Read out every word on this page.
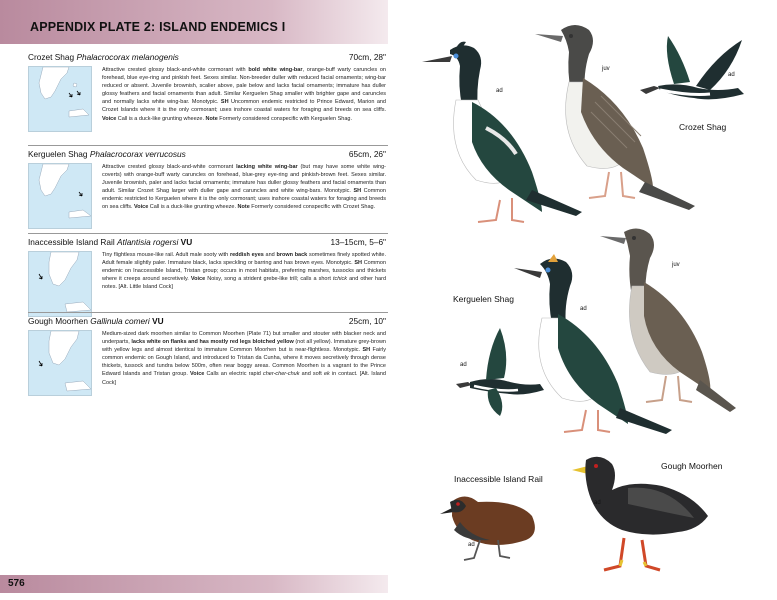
APPENDIX PLATE 2: ISLAND ENDEMICS I
Crozet Shag Phalacrocorax melanogenis	70cm, 28"
Attractive crested glossy black-and-white cormorant with bold white wing-bar, orange-buff warty caruncles on forehead, blue eye-ring and pinkish feet. Sexes similar. Non-breeder duller with reduced facial ornaments; wing-bar reduced or absent. Juvenile brownish, scalier above, pale below and lacks facial ornaments; immature has duller glossy feathers and facial ornaments than adult. Similar Kerguelen Shag smaller with brighter gape and caruncles and normally lacks white wing-bar. Monotypic. SH Uncommon endemic restricted to Prince Edward, Marion and Crozet Islands where it is the only cormorant; uses inshore coastal waters for foraging and breeds on sea cliffs. Voice Call is a duck-like grunting wheeze. Note Formerly considered conspecific with Kerguelen Shag.
Kerguelen Shag Phalacrocorax verrucosus	65cm, 26"
Attractive crested glossy black-and-white cormorant lacking white wing-bar (but may have some white wing-coverts) with orange-buff warty caruncles on forehead, blue-grey eye-ring and pinkish-brown feet. Sexes similar. Juvenile brownish, paler and lacks facial ornaments; immature has duller glossy feathers and facial ornaments than adult. Similar Crozet Shag larger with duller gape and caruncles and white wing-bars. Monotypic. SH Common endemic restricted to Kerguelen where it is the only cormorant; uses inshore coastal waters for foraging and breeds on sea cliffs. Voice Call is a duck-like grunting wheeze. Note Formerly considered conspecific with Crozet Shag.
Inaccessible Island Rail Atlantisia rogersi VU	13–15cm, 5–6"
Tiny flightless mouse-like rail. Adult male sooty with reddish eyes and brown back sometimes finely spotted white. Adult female slightly paler. Immature black, lacks speckling or barring and has brown eyes. Monotypic. SH Common endemic on Inaccessible Island, Tristan group; occurs in most habitats, preferring marshes, tussocks and thickets where it creeps around secretively. Voice Noisy, song a strident grebe-like trill; calls a short tchick and other hard notes. [Alt. Little Island Cock]
Gough Moorhen Gallinula comeri VU	25cm, 10"
Medium-sized dark moorhen similar to Common Moorhen (Plate 71) but smaller and stouter with blacker neck and underparts, lacks white on flanks and has mostly red legs blotched yellow (not all yellow). Immature grey-brown with yellow legs and almost identical to immature Common Moorhen but is near-flightless. Monotypic. SH Fairly common endemic on Gough Island, and introduced to Tristan da Cunha, where it moves secretively through dense thickets, tussock and tundra below 500m, often near boggy areas. Common Moorhen is a vagrant to the Prince Edward Islands and Tristan group. Voice Calls an electric rapid cher-cher-chuk and soft ek in contact. [Alt. Island Cock]
576
ad
juv
ad
Crozet Shag
ad
juv
ad
Kerguelen Shag
ad
Inaccessible Island Rail
ad
Gough Moorhen
